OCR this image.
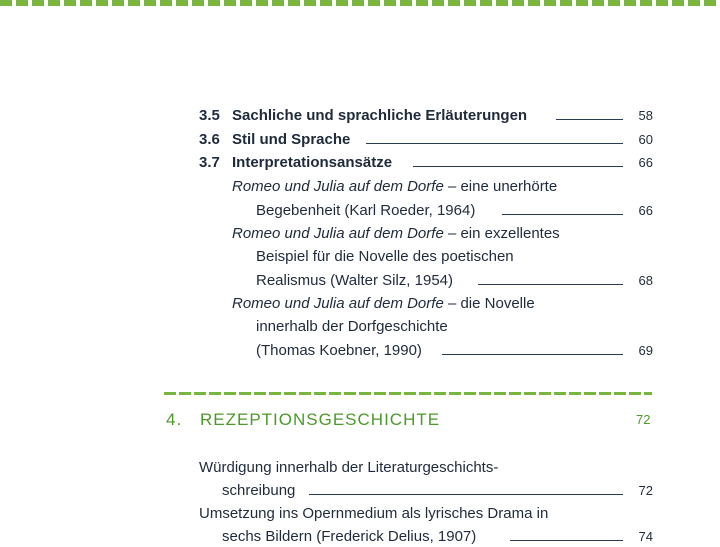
3.5 Sachliche und sprachliche Erläuterungen	58
3.6 Stil und Sprache	60
3.7 Interpretationsansätze	66
Romeo und Julia auf dem Dorfe – eine unerhörte
Begebenheit (Karl Roeder, 1964)	66
Romeo und Julia auf dem Dorfe – ein exzellentes
Beispiel für die Novelle des poetischen
Realismus (Walter Silz, 1954)	68
Romeo und Julia auf dem Dorfe – die Novelle
innerhalb der Dorfgeschichte
(Thomas Koebner, 1990)	69
4. REZEPTIONSGESCHICHTE	72
Würdigung innerhalb der Literaturgeschichts-
schreibung	72
Umsetzung ins Opernmedium als lyrisches Drama in
sechs Bildern (Frederick Delius, 1907)	74
